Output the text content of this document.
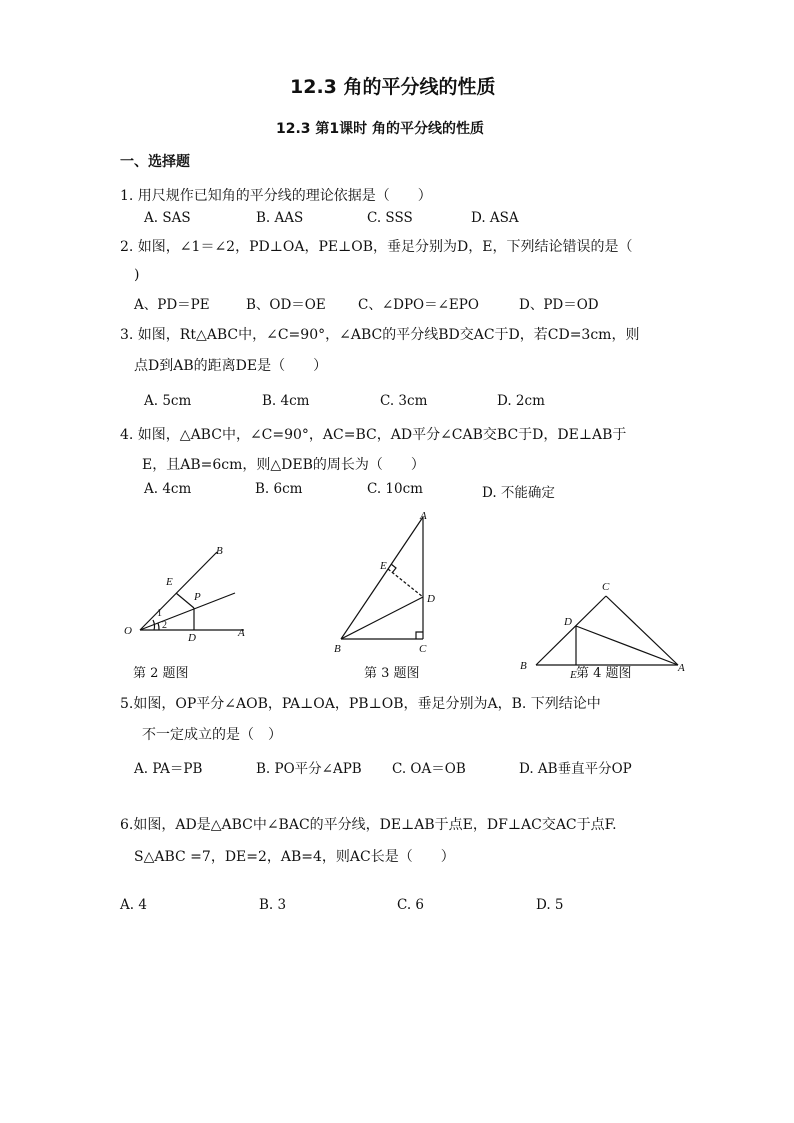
12.3 角的平分线的性质
12.3 第1课时 角的平分线的性质
一、选择题
1. 用尺规作已知角的平分线的理论依据是（　　）
A. SAS	B. AAS	C. SSS	D. ASA
2. 如图，∠1＝∠2，PD⊥OA，PE⊥OB，垂足分别为D，E，下列结论错误的是（
　)
A、PD＝PE	B、OD＝OE C、∠DPO＝∠EPO	D、PD＝OD
3. 如图，Rt△ABC中，∠C=90°，∠ABC的平分线BD交AC于D，若CD=3cm，则
点D到AB的距离DE是（　　）
A. 5cm	B. 4cm	C. 3cm	D. 2cm
4. 如图，△ABC中，∠C=90°，AC=BC，AD平分∠CAB交BC于D，DE⊥AB于
E，且AB=6cm，则△DEB的周长为（　　）
A. 4cm	B. 6cm	C. 10cm	D. 不能确定
B
E
P
1
2
O
D	A
第 2 题图
A
E
D
B	C
第 3 题图
C
D
B
E
A
第 4 题图
5.如图，OP平分∠AOB，PA⊥OA，PB⊥OB，垂足分别为A，B. 下列结论中
不一定成立的是（　）
A. PA＝PB	B. PO平分∠APB C. OA＝OB	D. AB垂直平分OP
6.如图，AD是△ABC中∠BAC的平分线，DE⊥AB于点E，DF⊥AC交AC于点F.
S△ABC =7，DE=2，AB=4，则AC长是（　　）
A. 4	B. 3	C. 6	D. 5
